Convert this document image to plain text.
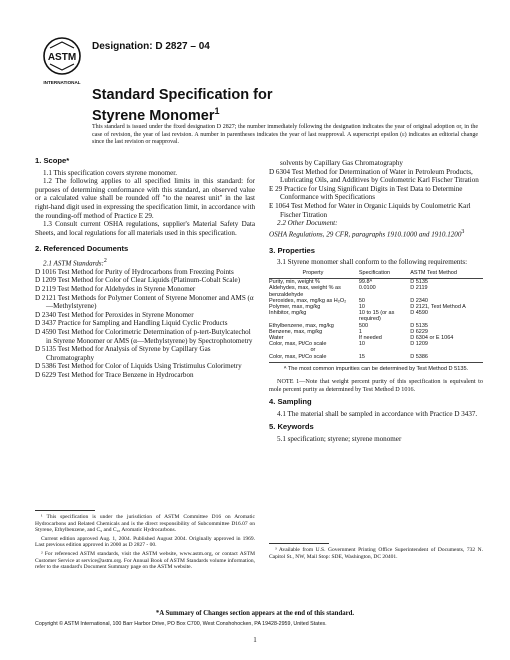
ASTM
INTERNATIONAL
Designation: D 2827 – 04
Standard Specification for
Styrene Monomer$^1$
This standard is issued under the fixed designation D 2827; the number immediately following the designation indicates the year of original adoption or, in the case of revision, the year of last revision. A number in parentheses indicates the year of last reapproval. A superscript epsilon (ε) indicates an editorial change since the last revision or reapproval.
1. Scope*

1.1 This specification covers styrene monomer.

1.2 The following applies to all specified limits in this standard: for purposes of determining conformance with this standard, an observed value or a calculated value shall be rounded off "to the nearest unit" in the last right-hand digit used in expressing the specification limit, in accordance with the rounding-off method of Practice E 29.

1.3 Consult current OSHA regulations, supplier's Material Safety Data Sheets, and local regulations for all materials used in this specification.

2. Referenced Documents

2.1 ASTM Standards:$^2$

D 1016 Test Method for Purity of Hydrocarbons from Freezing Points
D 1209 Test Method for Color of Clear Liquids (Platinum-Cobalt Scale)
D 2119 Test Method for Aldehydes in Styrene Monomer
D 2121 Test Methods for Polymer Content of Styrene Monomer and AMS (α—Methylstyrene)
D 2340 Test Method for Peroxides in Styrene Monomer
D 3437 Practice for Sampling and Handling Liquid Cyclic Products
D 4590 Test Method for Colorimetric Determination of p-tert-Butylcatechol in Styrene Monomer or AMS (α—Methylstyrene) by Spectrophotometry
D 5135 Test Method for Analysis of Styrene by Capillary Gas Chromatography
D 5386 Test Method for Color of Liquids Using Tristimulus Colorimetry
D 6229 Test Method for Trace Benzene in Hydrocarbon

¹ This specification is under the jurisdiction of ASTM Committee D16 on Aromatic Hydrocarbons and Related Chemicals and is the direct responsibility of Subcommittee D16.07 on Styrene, Ethylbenzene, and C₉ and C₁₀ Aromatic Hydrocarbons.

Current edition approved Aug. 1, 2004. Published August 2004. Originally approved in 1969. Last previous edition approved in 2000 as D 2827 - 00.

² For referenced ASTM standards, visit the ASTM website, www.astm.org, or contact ASTM Customer Service at service@astm.org. For Annual Book of ASTM Standards volume information, refer to the standard's Document Summary page on the ASTM website.

solvents by Capillary Gas Chromatography
D 6304 Test Method for Determination of Water in Petroleum Products, Lubricating Oils, and Additives by Coulometric Karl Fischer Titration
E 29 Practice for Using Significant Digits in Test Data to Determine Conformance with Specifications
E 1064 Test Method for Water in Organic Liquids by Coulometric Karl Fischer Titration

2.2 Other Document:

OSHA Regulations, 29 CFR, paragraphs 1910.1000 and 1910.1200$^3$
3. Properties

3.1 Styrene monomer shall conform to the following requirements:

Property	Specification	ASTM Test Method
Purity, min, weight %	99.8ᴬ	D 5135
Aldehydes, max, weight % as benzaldehyde	0.0100	D 2119
Peroxides, max, mg/kg as H₂O₂	50	D 2340
Polymer, max, mg/kg	10	D 2121, Test Method A
Inhibitor, mg/kg	10 to 15 (or as required)	D 4590
Ethylbenzene, max, mg/kg	500	D 5135
Benzene, max, mg/kg	1	D 6229
Water	If needed	D 6304 or E 1064
Color, max, Pt/Co scale	10	D 1209
or		
Color, max, Pt/Co scale	15	D 5386
ᴬ The most common impurities can be determined by Test Method D 5135.

NOTE 1—Note that weight percent purity of this specification is equivalent to mole percent purity as determined by Test Method D 1016.

4. Sampling

4.1 The material shall be sampled in accordance with Practice D 3437.

5. Keywords

5.1 specification; styrene; styrene monomer

³ Available from U.S. Government Printing Office Superintendent of Documents, 732 N. Capitol St., NW, Mail Stop: SDE, Washington, DC 20401.

*A Summary of Changes section appears at the end of this standard.
Copyright © ASTM International, 100 Barr Harbor Drive, PO Box C700, West Conshohocken, PA 19428-2959, United States.
1
